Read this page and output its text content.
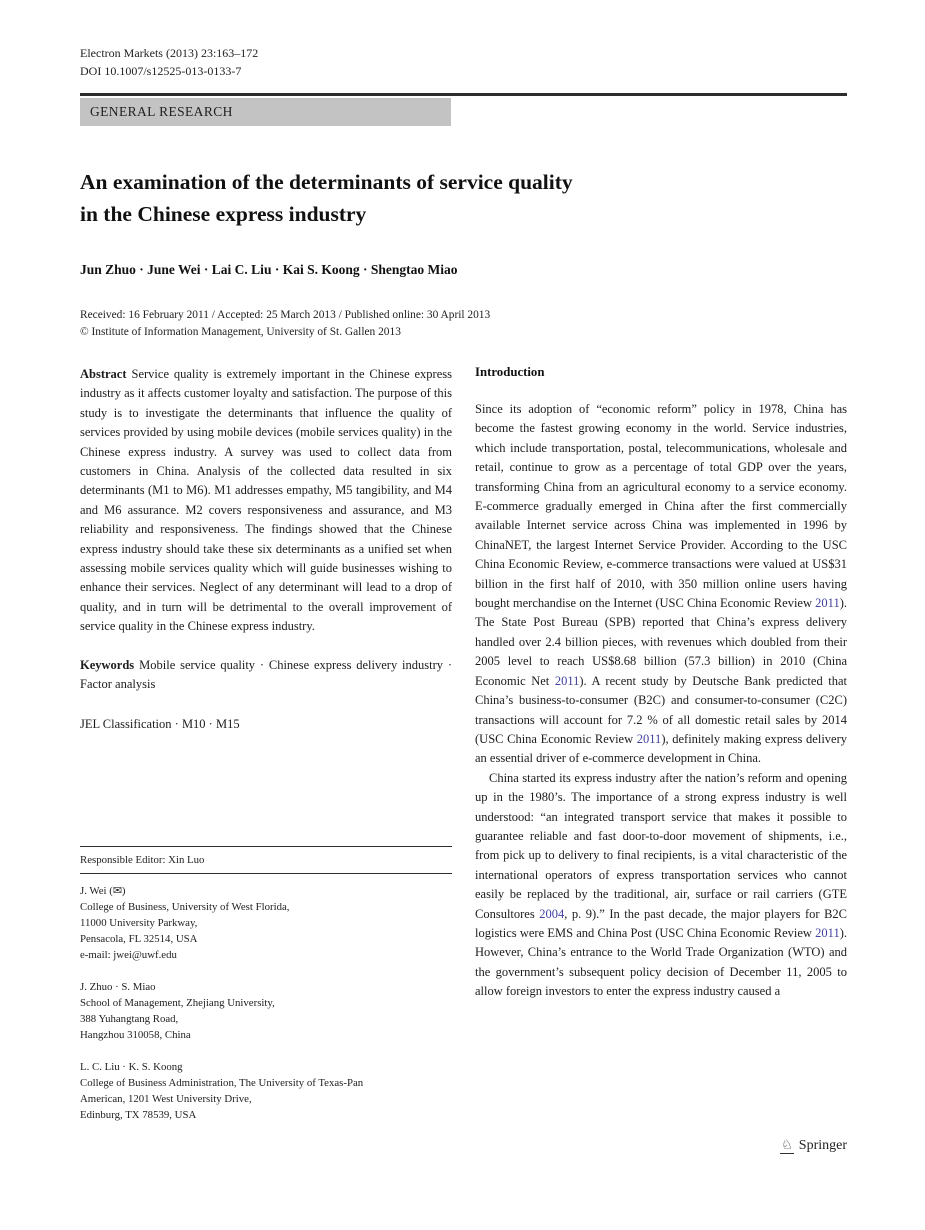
Electron Markets (2013) 23:163–172
DOI 10.1007/s12525-013-0133-7
GENERAL RESEARCH
An examination of the determinants of service quality
in the Chinese express industry
Jun Zhuo · June Wei · Lai C. Liu · Kai S. Koong · Shengtao Miao
Received: 16 February 2011 / Accepted: 25 March 2013 / Published online: 30 April 2013
© Institute of Information Management, University of St. Gallen 2013

Abstract Service quality is extremely important in the Chinese express industry as it affects customer loyalty and satisfaction. The purpose of this study is to investigate the determinants that influence the quality of services provided by using mobile devices (mobile services quality) in the Chinese express industry. A survey was used to collect data from customers in China. Analysis of the collected data resulted in six determinants (M1 to M6). M1 addresses empathy, M5 tangibility, and M4 and M6 assurance. M2 covers responsiveness and assurance, and M3 reliability and responsiveness. The findings showed that the Chinese express industry should take these six determinants as a unified set when assessing mobile services quality which will guide businesses wishing to enhance their services. Neglect of any determinant will lead to a drop of quality, and in turn will be detrimental to the overall improvement of service quality in the Chinese express industry.

Keywords Mobile service quality · Chinese express delivery industry · Factor analysis

JEL Classification · M10 · M15

Responsible Editor: Xin Luo
J. Wei (✉)
College of Business, University of West Florida,
11000 University Parkway,
Pensacola, FL 32514, USA
e-mail: jwei@uwf.edu
J. Zhuo · S. Miao
School of Management, Zhejiang University,
388 Yuhangtang Road,
Hangzhou 310058, China
L. C. Liu · K. S. Koong
College of Business Administration, The University of Texas-Pan
American, 1201 West University Drive,
Edinburg, TX 78539, USA
Introduction

Since its adoption of “economic reform” policy in 1978, China has become the fastest growing economy in the world. Service industries, which include transportation, postal, telecommunications, wholesale and retail, continue to grow as a percentage of total GDP over the years, transforming China from an agricultural economy to a service economy. E-commerce gradually emerged in China after the first commercially available Internet service across China was implemented in 1996 by ChinaNET, the largest Internet Service Provider. According to the USC China Economic Review, e-commerce transactions were valued at US$31 billion in the first half of 2010, with 350 million online users having bought merchandise on the Internet (USC China Economic Review 2011). The State Post Bureau (SPB) reported that China’s express delivery handled over 2.4 billion pieces, with revenues which doubled from their 2005 level to reach US$8.68 billion (57.3 billion) in 2010 (China Economic Net 2011). A recent study by Deutsche Bank predicted that China’s business-to-consumer (B2C) and consumer-to-consumer (C2C) transactions will account for 7.2 % of all domestic retail sales by 2014 (USC China Economic Review 2011), definitely making express delivery an essential driver of e-commerce development in China.

China started its express industry after the nation’s reform and opening up in the 1980’s. The importance of a strong express industry is well understood: “an integrated transport service that makes it possible to guarantee reliable and fast door-to-door movement of shipments, i.e., from pick up to delivery to final recipients, is a vital characteristic of the international operators of express transportation services who cannot easily be replaced by the traditional, air, surface or rail carriers (GTE Consultores 2004, p. 9).” In the past decade, the major players for B2C logistics were EMS and China Post (USC China Economic Review 2011). However, China’s entrance to the World Trade Organization (WTO) and the government’s subsequent policy decision of December 11, 2005 to allow foreign investors to enter the express industry caused a

♘ Springer
